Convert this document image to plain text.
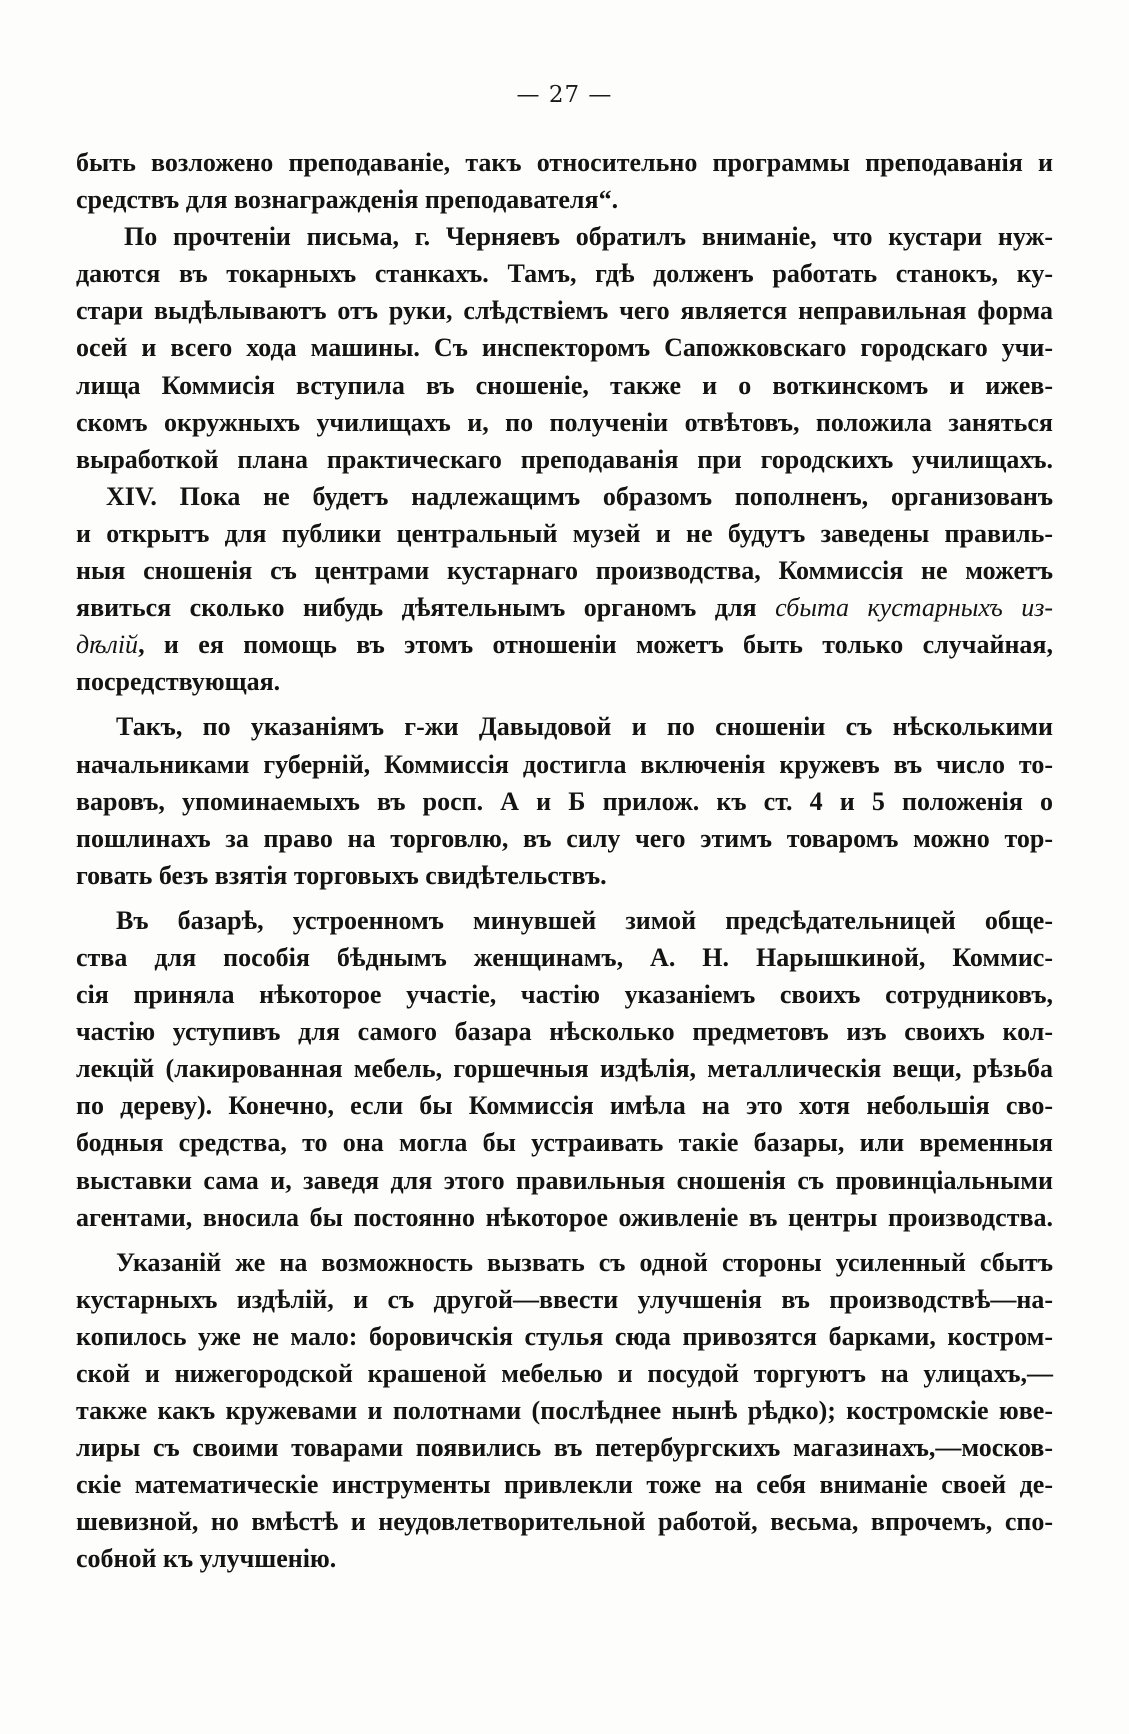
— 27 —
быть возложено преподаваніе, такъ относительно программы преподаванія и
средствъ для вознагражденія преподавателя“.
По прочтеніи письма, г. Черняевъ обратилъ вниманіе, что кустари нуж-
даются въ токарныхъ станкахъ. Тамъ, гдѣ долженъ работать станокъ, ку-
стари выдѣлываютъ отъ руки, слѣдствіемъ чего является неправильная форма
осей и всего хода машины. Съ инспекторомъ Сапожковскаго городскаго учи-
лища Коммисія вступила въ сношеніе, также и о воткинскомъ и ижев-
скомъ окружныхъ училищахъ и, по полученіи отвѣтовъ, положила заняться
выработкой плана практическаго преподаванія при городскихъ училищахъ.
XIV. Пока не будетъ надлежащимъ образомъ пополненъ, организованъ
и открытъ для публики центральный музей и не будутъ заведены правиль-
ныя сношенія съ центрами кустарнаго производства, Коммиссія не можетъ
явиться сколько нибудь дѣятельнымъ органомъ для сбыта кустарныхъ из-
дѣлій, и ея помощь въ этомъ отношеніи можетъ быть только случайная,
посредствующая.
Такъ, по указаніямъ г-жи Давыдовой и по сношеніи съ нѣсколькими
начальниками губерній, Коммиссія достигла включенія кружевъ въ число то-
варовъ, упоминаемыхъ въ росп. А и Б прилож. къ ст. 4 и 5 положенія о
пошлинахъ за право на торговлю, въ силу чего этимъ товаромъ можно тор-
говать безъ взятія торговыхъ свидѣтельствъ.
Въ базарѣ, устроенномъ минувшей зимой предсѣдательницей обще-
ства для пособія бѣднымъ женщинамъ, А. Н. Нарышкиной, Коммис-
сія приняла нѣкоторое участіе, частію указаніемъ своихъ сотрудниковъ,
частію уступивъ для самого базара нѣсколько предметовъ изъ своихъ кол-
лекцій (лакированная мебель, горшечныя издѣлія, металлическія вещи, рѣзьба
по дереву). Конечно, если бы Коммиссія имѣла на это хотя небольшія сво-
бодныя средства, то она могла бы устраивать такіе базары, или временныя
выставки сама и, заведя для этого правильныя сношенія съ провинціальными
агентами, вносила бы постоянно нѣкоторое оживленіе въ центры производства.
Указаній же на возможность вызвать съ одной стороны усиленный сбытъ
кустарныхъ издѣлій, и съ другой—ввести улучшенія въ производствѣ—на-
копилось уже не мало: боровичскія стулья сюда привозятся барками, костром-
ской и нижегородской крашеной мебелью и посудой торгуютъ на улицахъ,—
также какъ кружевами и полотнами (послѣднее нынѣ рѣдко); костромскіе юве-
лиры съ своими товарами появились въ петербургскихъ магазинахъ,—москов-
скіе математическіе инструменты привлекли тоже на себя вниманіе своей де-
шевизной, но вмѣстѣ и неудовлетворительной работой, весьма, впрочемъ, спо-
собной къ улучшенію.
